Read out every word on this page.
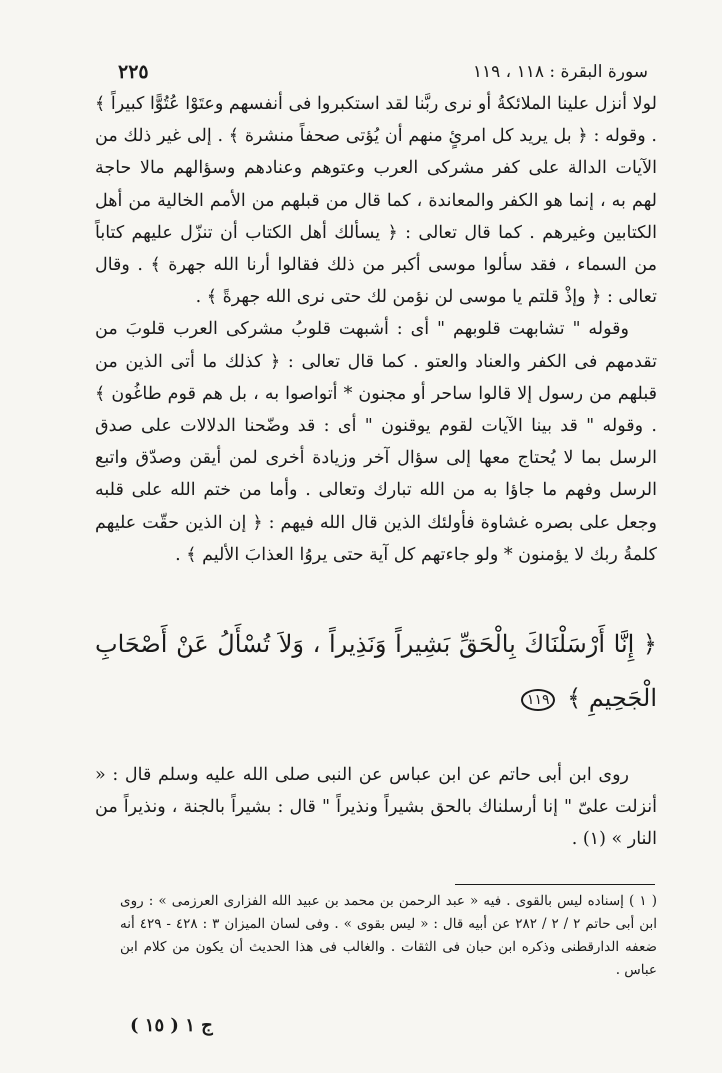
٢٢٥	سورة البقرة : ١١٨ ، ١١٩

لولا أنزل علينا الملائكةُ أو نرى ربَّنا لقد استكبروا فى أنفسهم وعتَوْا عُتُوًّا كبيراً ﴾ . وقوله : ﴿ بل يريد كل امرئٍ منهم أن يُؤتى صحفاً منشرة ﴾ . إلى غير ذلك من الآيات الدالة على كفر مشركى العرب وعتوهم وعنادهم وسؤالهم مالا حاجة لهم به ، إنما هو الكفر والمعاندة ، كما قال من قبلهم من الأمم الخالية من أهل الكتابين وغيرهم . كما قال تعالى : ﴿ يسألك أهل الكتاب أن تنزّل عليهم كتاباً من السماء ، فقد سألوا موسى أكبر من ذلك فقالوا أرنا الله جهرة ﴾ . وقال تعالى : ﴿ وإذْ قلتم يا موسى لن نؤمن لك حتى نرى الله جهرةً ﴾ .

وقوله " تشابهت قلوبهم " أى : أشبهت قلوبُ مشركى العرب قلوبَ من تقدمهم فى الكفر والعناد والعتو . كما قال تعالى : ﴿ كذلك ما أتى الذين من قبلهم من رسول إلا قالوا ساحر أو مجنون * أتواصوا به ، بل هم قوم طاغُون ﴾ . وقوله " قد بينا الآيات لقوم يوقنون " أى : قد وضّحنا الدلالات على صدق الرسل بما لا يُحتاج معها إلى سؤال آخر وزيادة أخرى لمن أيقن وصدّق واتبع الرسل وفهم ما جاؤا به من الله تبارك وتعالى . وأما من ختم الله على قلبه وجعل على بصره غشاوة فأولئك الذين قال الله فيهم : ﴿ إن الذين حقّت عليهم كلمةُ ربك لا يؤمنون * ولو جاءتهم كل آية حتى يروُا العذابَ الأليم ﴾ .

﴿ إِنَّا أَرْسَلْنَاكَ بِالْحَقِّ بَشِيراً وَنَذِيراً ، وَلاَ تُسْأَلُ عَنْ أَصْحَابِ الْجَحِيمِ ﴾ ١١٩

روى ابن أبى حاتم عن ابن عباس عن النبى صلى الله عليه وسلم قال : « أنزلت علىّ " إنا أرسلناك بالحق بشيراً ونذيراً " قال : بشيراً بالجنة ، ونذيراً من النار » (١) .

( ١ ) إسناده ليس بالقوى . فيه « عبد الرحمن بن محمد بن عبيد الله الفزارى العرزمى » : روى ابن أبى حاتم ٢ / ٢ / ٢٨٢ عن أبيه قال : « ليس بقوى » . وفى لسان الميزان ٣ : ٤٢٨ - ٤٢٩ أنه ضعفه الدارقطنى وذكره ابن حبان فى الثقات . والغالب فى هذا الحديث أن يكون من كلام ابن عباس .

ج ١ ( ١٥ )
